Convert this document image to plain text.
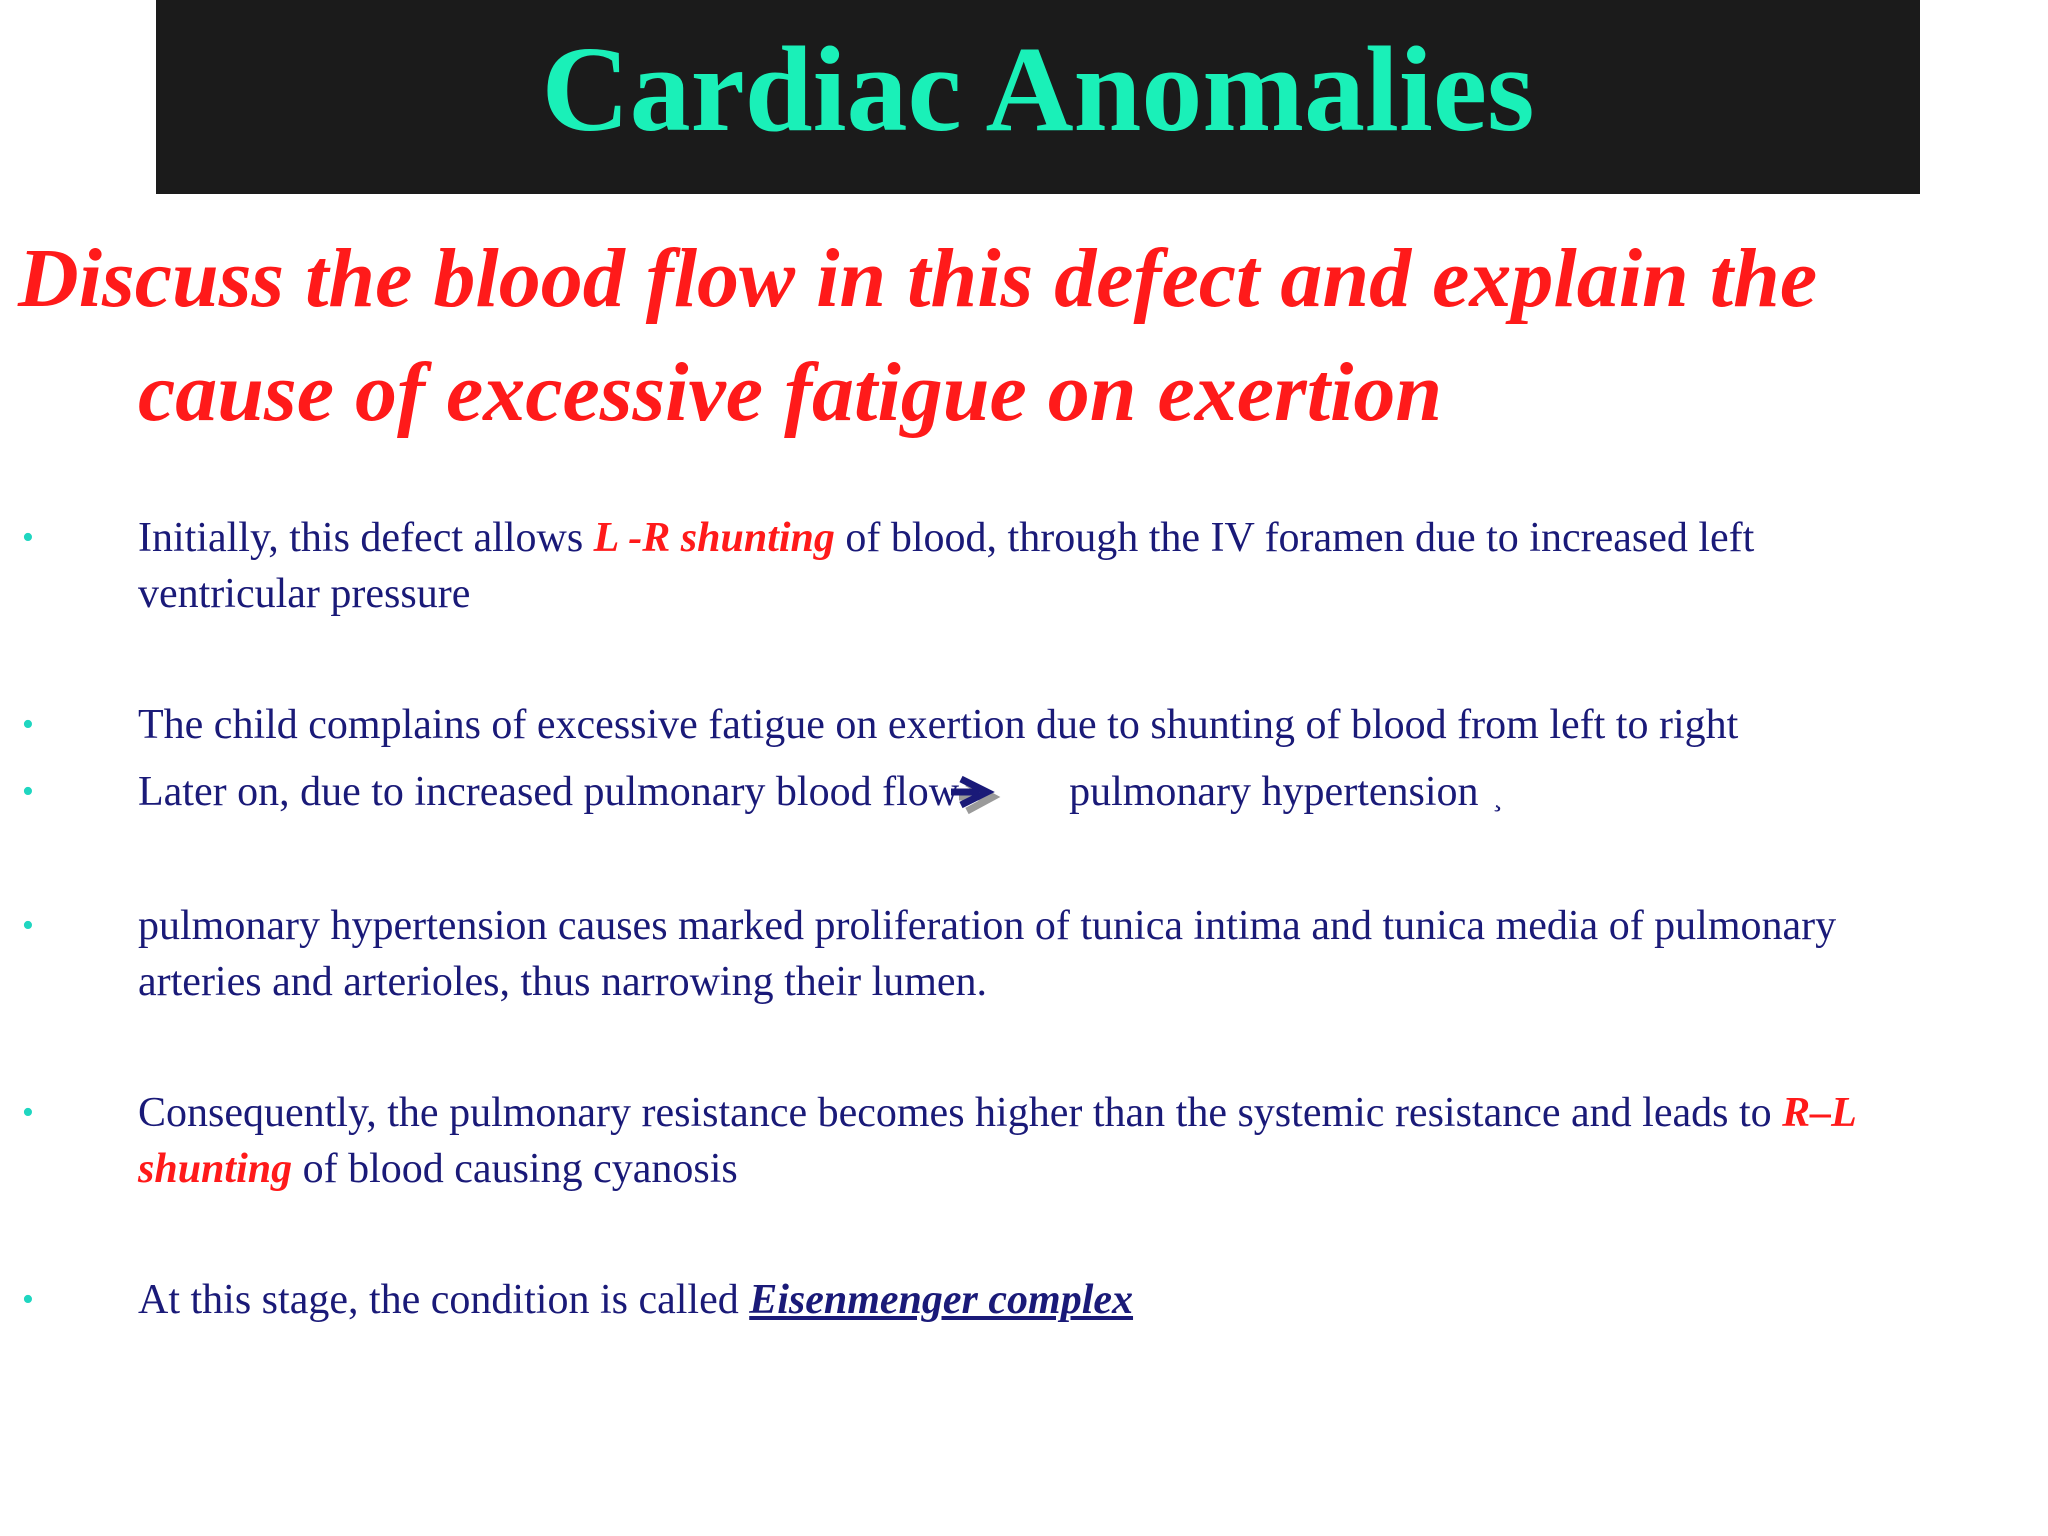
Cardiac Anomalies
Discuss the blood flow in this defect and explain the
cause of excessive fatigue on exertion
• Initially, this defect allows L -R shunting of blood, through the IV foramen due to increased left
ventricular pressure
• The child complains of excessive fatigue on exertion due to shunting of blood from left to right
• Later on, due to increased pulmonary blood flow	pulmonary hypertension ¸
• pulmonary hypertension causes marked proliferation of tunica intima and tunica media of pulmonary
arteries and arterioles, thus narrowing their lumen.
• Consequently, the pulmonary resistance becomes higher than the systemic resistance and leads to R–L
shunting of blood causing cyanosis
• At this stage, the condition is called Eisenmenger complex
